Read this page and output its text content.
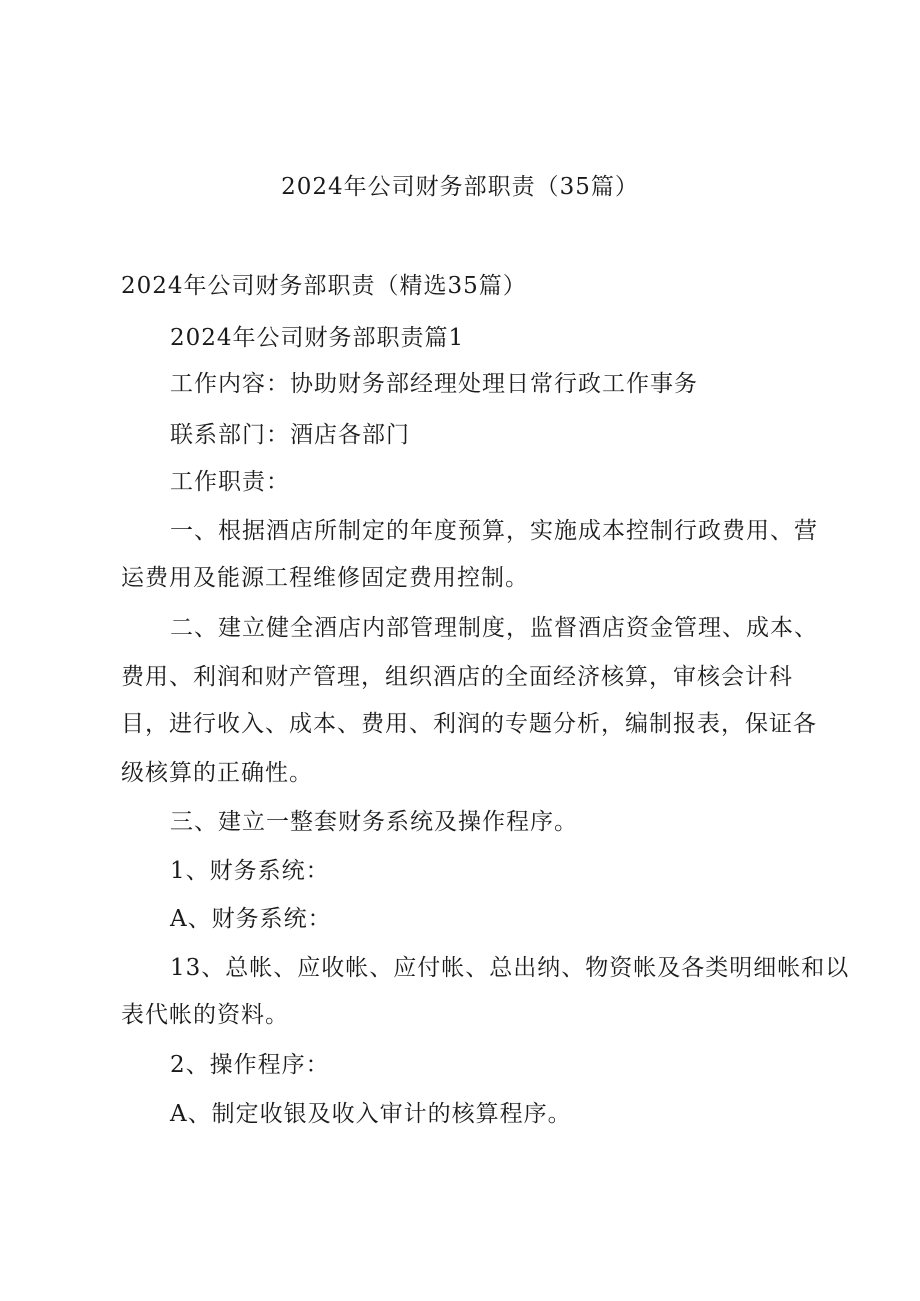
2024年公司财务部职责（35篇）
2024年公司财务部职责（精选35篇）
2024年公司财务部职责篇1
工作内容：协助财务部经理处理日常行政工作事务
联系部门：酒店各部门
工作职责：
一、根据酒店所制定的年度预算，实施成本控制行政费用、营
运费用及能源工程维修固定费用控制。
二、建立健全酒店内部管理制度，监督酒店资金管理、成本、
费用、利润和财产管理，组织酒店的全面经济核算，审核会计科
目，进行收入、成本、费用、利润的专题分析，编制报表，保证各
级核算的正确性。
三、建立一整套财务系统及操作程序。
1、财务系统：
A、财务系统：
13、总帐、应收帐、应付帐、总出纳、物资帐及各类明细帐和以
表代帐的资料。
2、操作程序：
A、制定收银及收入审计的核算程序。
